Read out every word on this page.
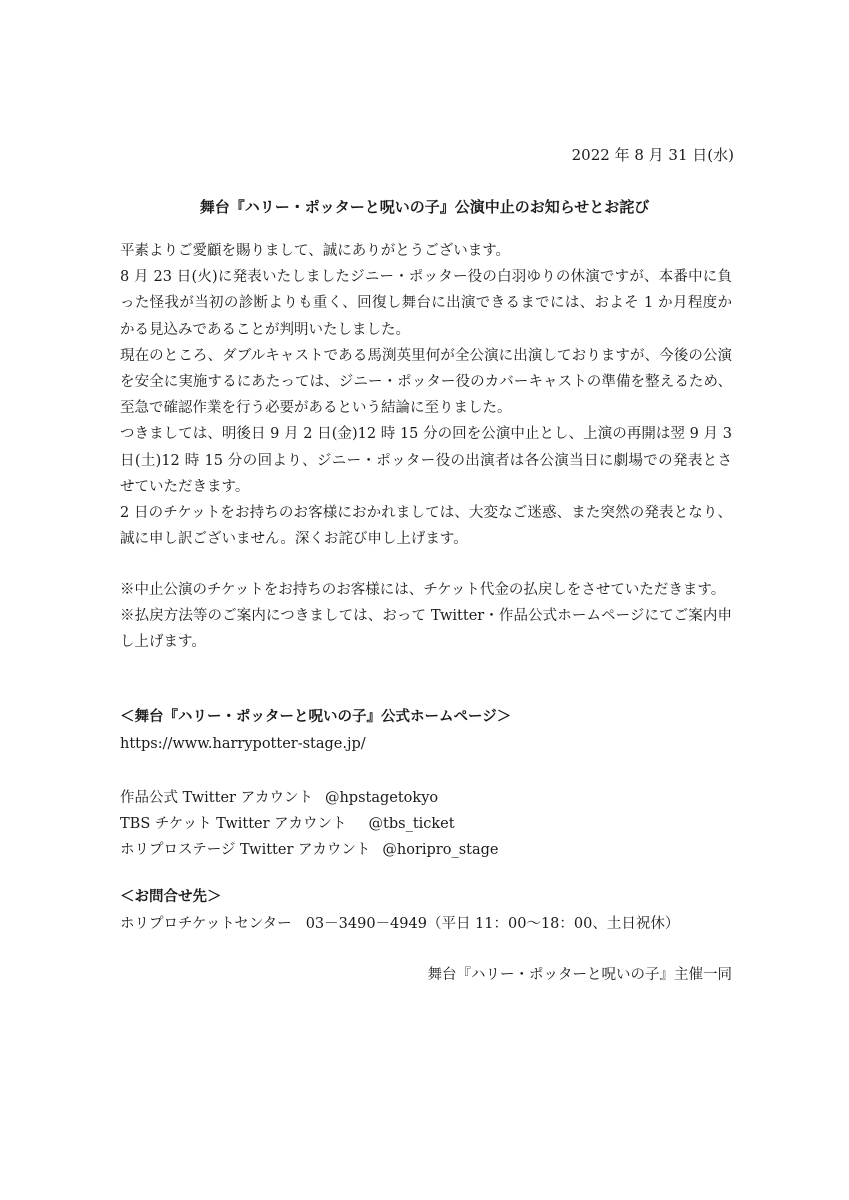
2022 年 8 月 31 日(水)
舞台『ハリー・ポッターと呪いの子』公演中止のお知らせとお詫び

平素よりご愛顧を賜りまして、誠にありがとうございます。

8 月 23 日(火)に発表いたしましたジニー・ポッター役の白羽ゆりの休演ですが、本番中に負った怪我が当初の診断よりも重く、回復し舞台に出演できるまでには、およそ 1 か月程度かかる見込みであることが判明いたしました。

現在のところ、ダブルキャストである馬渕英里何が全公演に出演しておりますが、今後の公演を安全に実施するにあたっては、ジニー・ポッター役のカバーキャストの準備を整えるため、至急で確認作業を行う必要があるという結論に至りました。

つきましては、明後日 9 月 2 日(金)12 時 15 分の回を公演中止とし、上演の再開は翌 9 月 3 日(土)12 時 15 分の回より、ジニー・ポッター役の出演者は各公演当日に劇場での発表とさせていただきます。

2 日のチケットをお持ちのお客様におかれましては、大変なご迷惑、また突然の発表となり、誠に申し訳ございません。深くお詫び申し上げます。

※中止公演のチケットをお持ちのお客様には、チケット代金の払戻しをさせていただきます。

※払戻方法等のご案内につきましては、おって Twitter・作品公式ホームページにてご案内申し上げます。

＜舞台『ハリー・ポッターと呪いの子』公式ホームページ＞
https://www.harrypotter-stage.jp/
作品公式 Twitter アカウント @hpstagetokyo
TBS チケット Twitter アカウント @tbs_ticket
ホリプロステージ Twitter アカウント @horipro_stage
＜お問合せ先＞
ホリプロチケットセンター 03－3490－4949（平日 11：00～18：00、土日祝休）
舞台『ハリー・ポッターと呪いの子』主催一同
